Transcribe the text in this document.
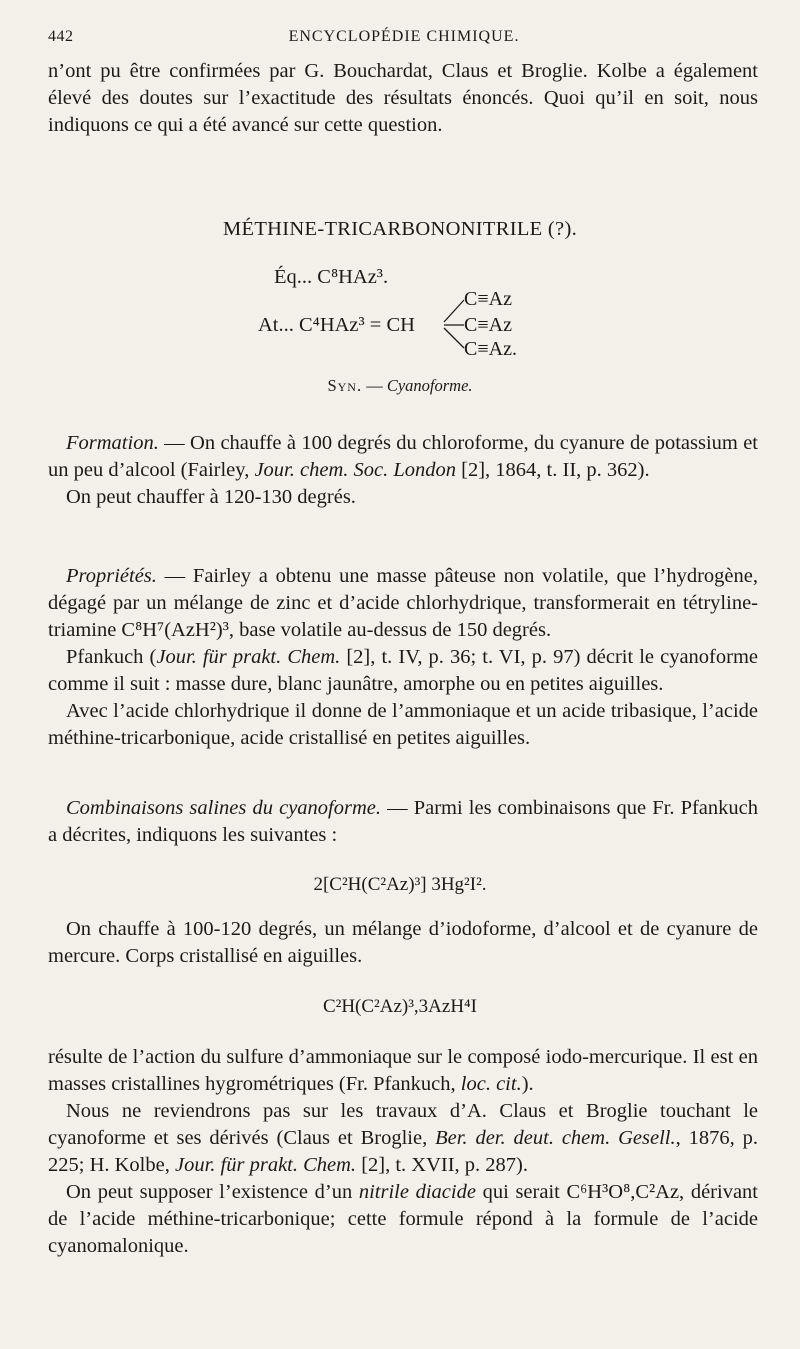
442	ENCYCLOPÉDIE CHIMIQUE.

n’ont pu être confirmées par G. Bouchardat, Claus et Broglie. Kolbe a également élevé des doutes sur l’exactitude des résultats énoncés. Quoi qu’il en soit, nous indiquons ce qui a été avancé sur cette question.

MÉTHINE-TRICARBONONITRILE (?).
Éq... C⁸HAz³.
At... C⁴HAz³ = CH
C≡Az
C≡Az
C≡Az.
Syn. — Cyanoforme.

Formation. — On chauffe à 100 degrés du chloroforme, du cyanure de potassium et un peu d’alcool (Fairley, Jour. chem. Soc. London [2], 1864, t. II, p. 362).

On peut chauffer à 120-130 degrés.

Propriétés. — Fairley a obtenu une masse pâteuse non volatile, que l’hydrogène, dégagé par un mélange de zinc et d’acide chlorhydrique, transformerait en tétryline-triamine C⁸H⁷(AzH²)³, base volatile au-dessus de 150 degrés.

Pfankuch (Jour. für prakt. Chem. [2], t. IV, p. 36; t. VI, p. 97) décrit le cyanoforme comme il suit : masse dure, blanc jaunâtre, amorphe ou en petites aiguilles.

Avec l’acide chlorhydrique il donne de l’ammoniaque et un acide tribasique, l’acide méthine-tricarbonique, acide cristallisé en petites aiguilles.

Combinaisons salines du cyanoforme. — Parmi les combinaisons que Fr. Pfankuch a décrites, indiquons les suivantes :

2[C²H(C²Az)³] 3Hg²I².

On chauffe à 100-120 degrés, un mélange d’iodoforme, d’alcool et de cyanure de mercure. Corps cristallisé en aiguilles.

C²H(C²Az)³,3AzH⁴I

résulte de l’action du sulfure d’ammoniaque sur le composé iodo-mercurique. Il est en masses cristallines hygrométriques (Fr. Pfankuch, loc. cit.).

Nous ne reviendrons pas sur les travaux d’A. Claus et Broglie touchant le cyanoforme et ses dérivés (Claus et Broglie, Ber. der. deut. chem. Gesell., 1876, p. 225; H. Kolbe, Jour. für prakt. Chem. [2], t. XVII, p. 287).

On peut supposer l’existence d’un nitrile diacide qui serait C⁶H³O⁸,C²Az, dérivant de l’acide méthine-tricarbonique; cette formule répond à la formule de l’acide cyanomalonique.
